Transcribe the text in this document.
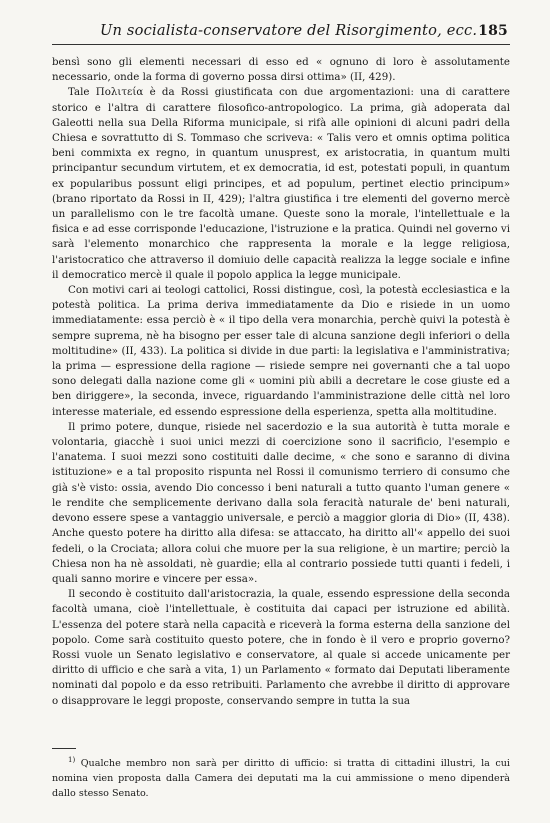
Un socialista-conservatore del Risorgimento, ecc. 185

bensì sono gli elementi necessari di esso ed « ognuno di loro è assolutamente necessario, onde la forma di governo possa dirsi ottima» (II, 429).

Tale Πολιτεία è da Rossi giustificata con due argomentazioni: una di carattere storico e l'altra di carattere filosofico-antropologico. La prima, già adoperata dal Galeotti nella sua Della Riforma municipale, si rifà alle opinioni di alcuni padri della Chiesa e sovrattutto di S. Tommaso che scriveva: « Talis vero et omnis optima politica beni commixta ex regno, in quantum unusprest, ex aristocratia, in quantum multi principantur secundum virtutem, et ex democratia, id est, potestati populi, in quantum ex popularibus possunt eligi principes, et ad populum, pertinet electio principum» (brano riportato da Rossi in II, 429); l'altra giustifica i tre elementi del governo mercè un parallelismo con le tre facoltà umane. Queste sono la morale, l'intellettuale e la fisica e ad esse corrisponde l'educazione, l'istruzione e la pratica. Quindi nel governo vi sarà l'elemento monarchico che rappresenta la morale e la legge religiosa, l'aristocratico che attraverso il domiuio delle capacità realizza la legge sociale e infine il democratico mercè il quale il popolo applica la legge municipale.

Con motivi cari ai teologi cattolici, Rossi distingue, così, la potestà ecclesiastica e la potestà politica. La prima deriva immediatamente da Dio e risiede in un uomo immediatamente: essa perciò è « il tipo della vera monarchia, perchè quivi la potestà è sempre suprema, nè ha bisogno per esser tale di alcuna sanzione degli inferiori o della moltitudine» (II, 433). La politica si divide in due parti: la legislativa e l'amministrativa; la prima — espressione della ragione — risiede sempre nei governanti che a tal uopo sono delegati dalla nazione come gli « uomini più abili a decretare le cose giuste ed a ben diriggere», la seconda, invece, riguardando l'amministrazione delle città nel loro interesse materiale, ed essendo espressione della esperienza, spetta alla moltitudine.

Il primo potere, dunque, risiede nel sacerdozio e la sua autorità è tutta morale e volontaria, giacchè i suoi unici mezzi di coercizione sono il sacrificio, l'esempio e l'anatema. I suoi mezzi sono costituiti dalle decime, « che sono e saranno di divina istituzione» e a tal proposito rispunta nel Rossi il comunismo terriero di consumo che già s'è visto: ossia, avendo Dio concesso i beni naturali a tutto quanto l'uman genere « le rendite che semplicemente derivano dalla sola feracità naturale de' beni naturali, devono essere spese a vantaggio universale, e perciò a maggior gloria di Dio» (II, 438). Anche questo potere ha diritto alla difesa: se attaccato, ha diritto all'« appello dei suoi fedeli, o la Crociata; allora colui che muore per la sua religione, è un martire; perciò la Chiesa non ha nè assoldati, nè guardie; ella al contrario possiede tutti quanti i fedeli, i quali sanno morire e vincere per essa».

Il secondo è costituito dall'aristocrazia, la quale, essendo espressione della seconda facoltà umana, cioè l'intellettuale, è costituita dai capaci per istruzione ed abilità. L'essenza del potere starà nella capacità e riceverà la forma esterna della sanzione del popolo. Come sarà costituito questo potere, che in fondo è il vero e proprio governo? Rossi vuole un Senato legislativo e conservatore, al quale si accede unicamente per diritto di ufficio e che sarà a vita, 1) un Parlamento « formato dai Deputati liberamente nominati dal popolo e da esso retribuiti. Parlamento che avrebbe il diritto di approvare o disapprovare le leggi proposte, conservando sempre in tutta la sua

$^{1)}$ Qualche membro non sarà per diritto di ufficio: si tratta di cittadini illustri, la cui nomina vien proposta dalla Camera dei deputati ma la cui ammissione o meno dipenderà dallo stesso Senato.
